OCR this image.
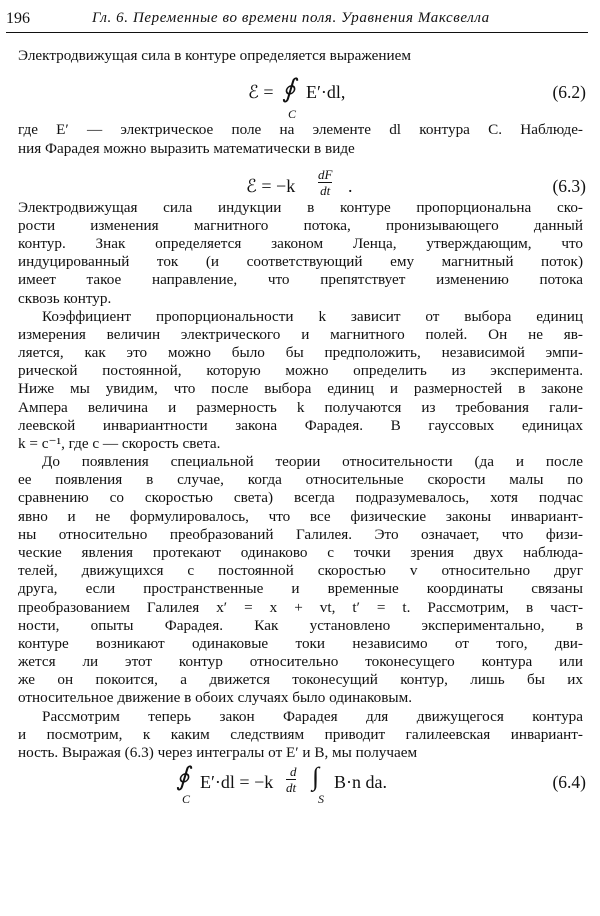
196	Гл. 6. Переменные во времени поля. Уравнения Максвелла
Электродвижущая сила в контуре определяется выражением
ℰ = ∮
C
E′·dl,	(6.2)
где E′ — электрическое поле на элементе dl контура C. Наблюде-
ния Фарадея можно выразить математически в виде
ℰ = $-k \frac{dF}{dt}$ .	(6.3)
Электродвижущая сила индукции в контуре пропорциональна ско-
рости изменения магнитного потока, пронизывающего данный
контур. Знак определяется законом Ленца, утверждающим, что
индуцированный ток (и соответствующий ему магнитный поток)
имеет такое направление, что препятствует изменению потока
сквозь контур.
Коэффициент пропорциональности k зависит от выбора единиц
измерения величин электрического и магнитного полей. Он не яв-
ляется, как это можно было бы предположить, независимой эмпи-
рической постоянной, которую можно определить из эксперимента.
Ниже мы увидим, что после выбора единиц и размерностей в законе
Ампера величина и размерность k получаются из требования гали-
леевской инвариантности закона Фарадея. В гауссовых единицах
k = c⁻¹, где c — скорость света.
До появления специальной теории относительности (да и после
ее появления в случае, когда относительные скорости малы по
сравнению со скоростью света) всегда подразумевалось, хотя подчас
явно и не формулировалось, что все физические законы инвариант-
ны относительно преобразований Галилея. Это означает, что физи-
ческие явления протекают одинаково с точки зрения двух наблюда-
телей, движущихся с постоянной скоростью v относительно друг
друга, если пространственные и временные координаты связаны
преобразованием Галилея x′ = x + vt, t′ = t. Рассмотрим, в част-
ности, опыты Фарадея. Как установлено экспериментально, в
контуре возникают одинаковые токи независимо от того, дви-
жется ли этот контур относительно токонесущего контура или
же он покоится, а движется токонесущий контур, лишь бы их
относительное движение в обоих случаях было одинаковым.
Рассмотрим теперь закон Фарадея для движущегося контура
и посмотрим, к каким следствиям приводит галилеевская инвариант-
ность. Выражая (6.3) через интегралы от E′ и B, мы получаем
∮
C
E′·dl = −k
d
dt ∫
S
B·n da.	(6.4)
